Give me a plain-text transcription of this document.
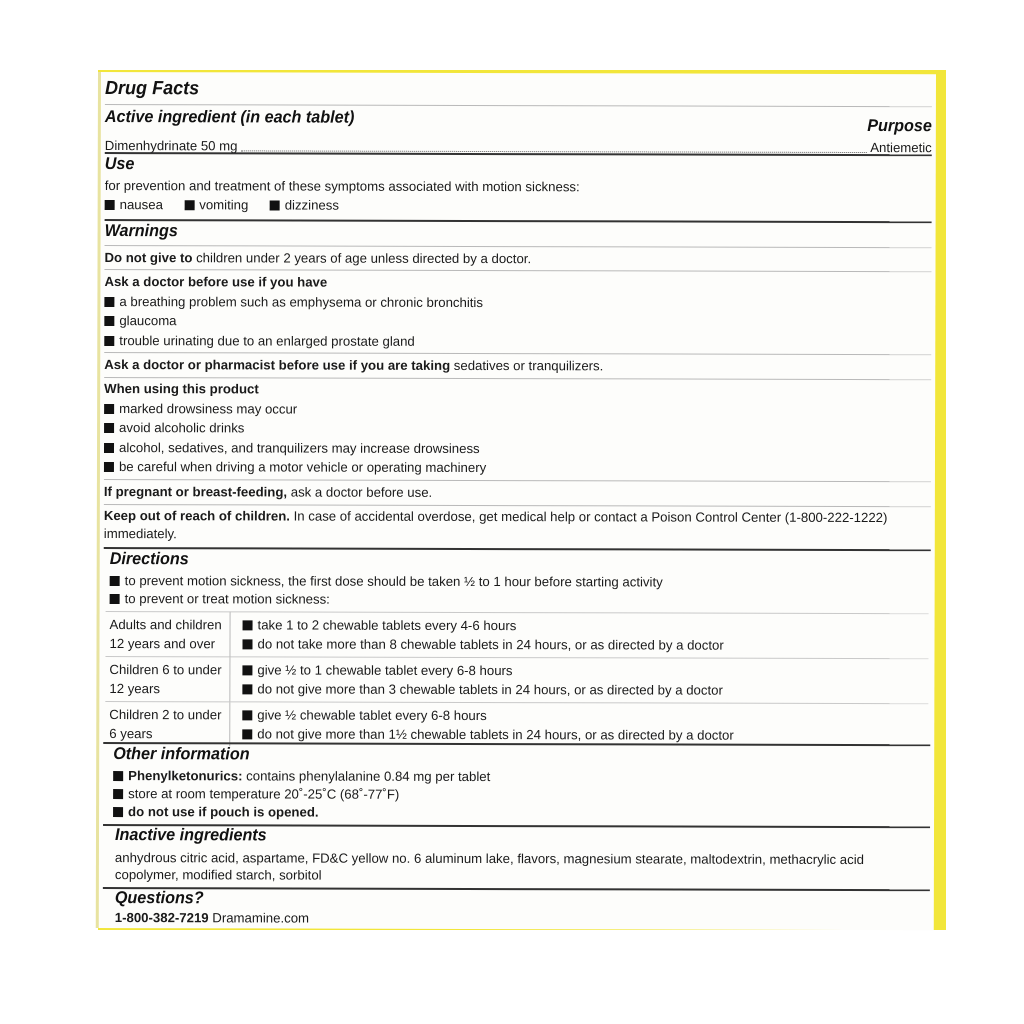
Drug Facts
Active ingredient (in each tablet)	Purpose
Dimenhydrinate 50 mg	Antiemetic
Use
for prevention and treatment of these symptoms associated with motion sickness:
nausea	vomiting	dizziness
Warnings
Do not give to children under 2 years of age unless directed by a doctor.
Ask a doctor before use if you have
a breathing problem such as emphysema or chronic bronchitis
glaucoma
trouble urinating due to an enlarged prostate gland
Ask a doctor or pharmacist before use if you are taking sedatives or tranquilizers.
When using this product
marked drowsiness may occur
avoid alcoholic drinks
alcohol, sedatives, and tranquilizers may increase drowsiness
be careful when driving a motor vehicle or operating machinery
If pregnant or breast-feeding, ask a doctor before use.
Keep out of reach of children. In case of accidental overdose, get medical help or contact a Poison Control Center (1-800-222-1222)
immediately.
Directions
to prevent motion sickness, the first dose should be taken ½ to 1 hour before starting activity
to prevent or treat motion sickness:
Adults and children 12 years and over	take 1 to 2 chewable tablets every 4-6 hours
do not take more than 8 chewable tablets in 24 hours, or as directed by a doctor

Children 6 to under 12 years	give ½ to 1 chewable tablet every 6-8 hours
do not give more than 3 chewable tablets in 24 hours, or as directed by a doctor

Children 2 to under 6 years	give ½ chewable tablet every 6-8 hours
do not give more than 1½ chewable tablets in 24 hours, or as directed by a doctor
Other information
Phenylketonurics: contains phenylalanine 0.84 mg per tablet
store at room temperature 20˚-25˚C (68˚-77˚F)
do not use if pouch is opened.
Inactive ingredients
anhydrous citric acid, aspartame, FD&C yellow no. 6 aluminum lake, flavors, magnesium stearate, maltodextrin, methacrylic acid
copolymer, modified starch, sorbitol
Questions?
1-800-382-7219 Dramamine.com
